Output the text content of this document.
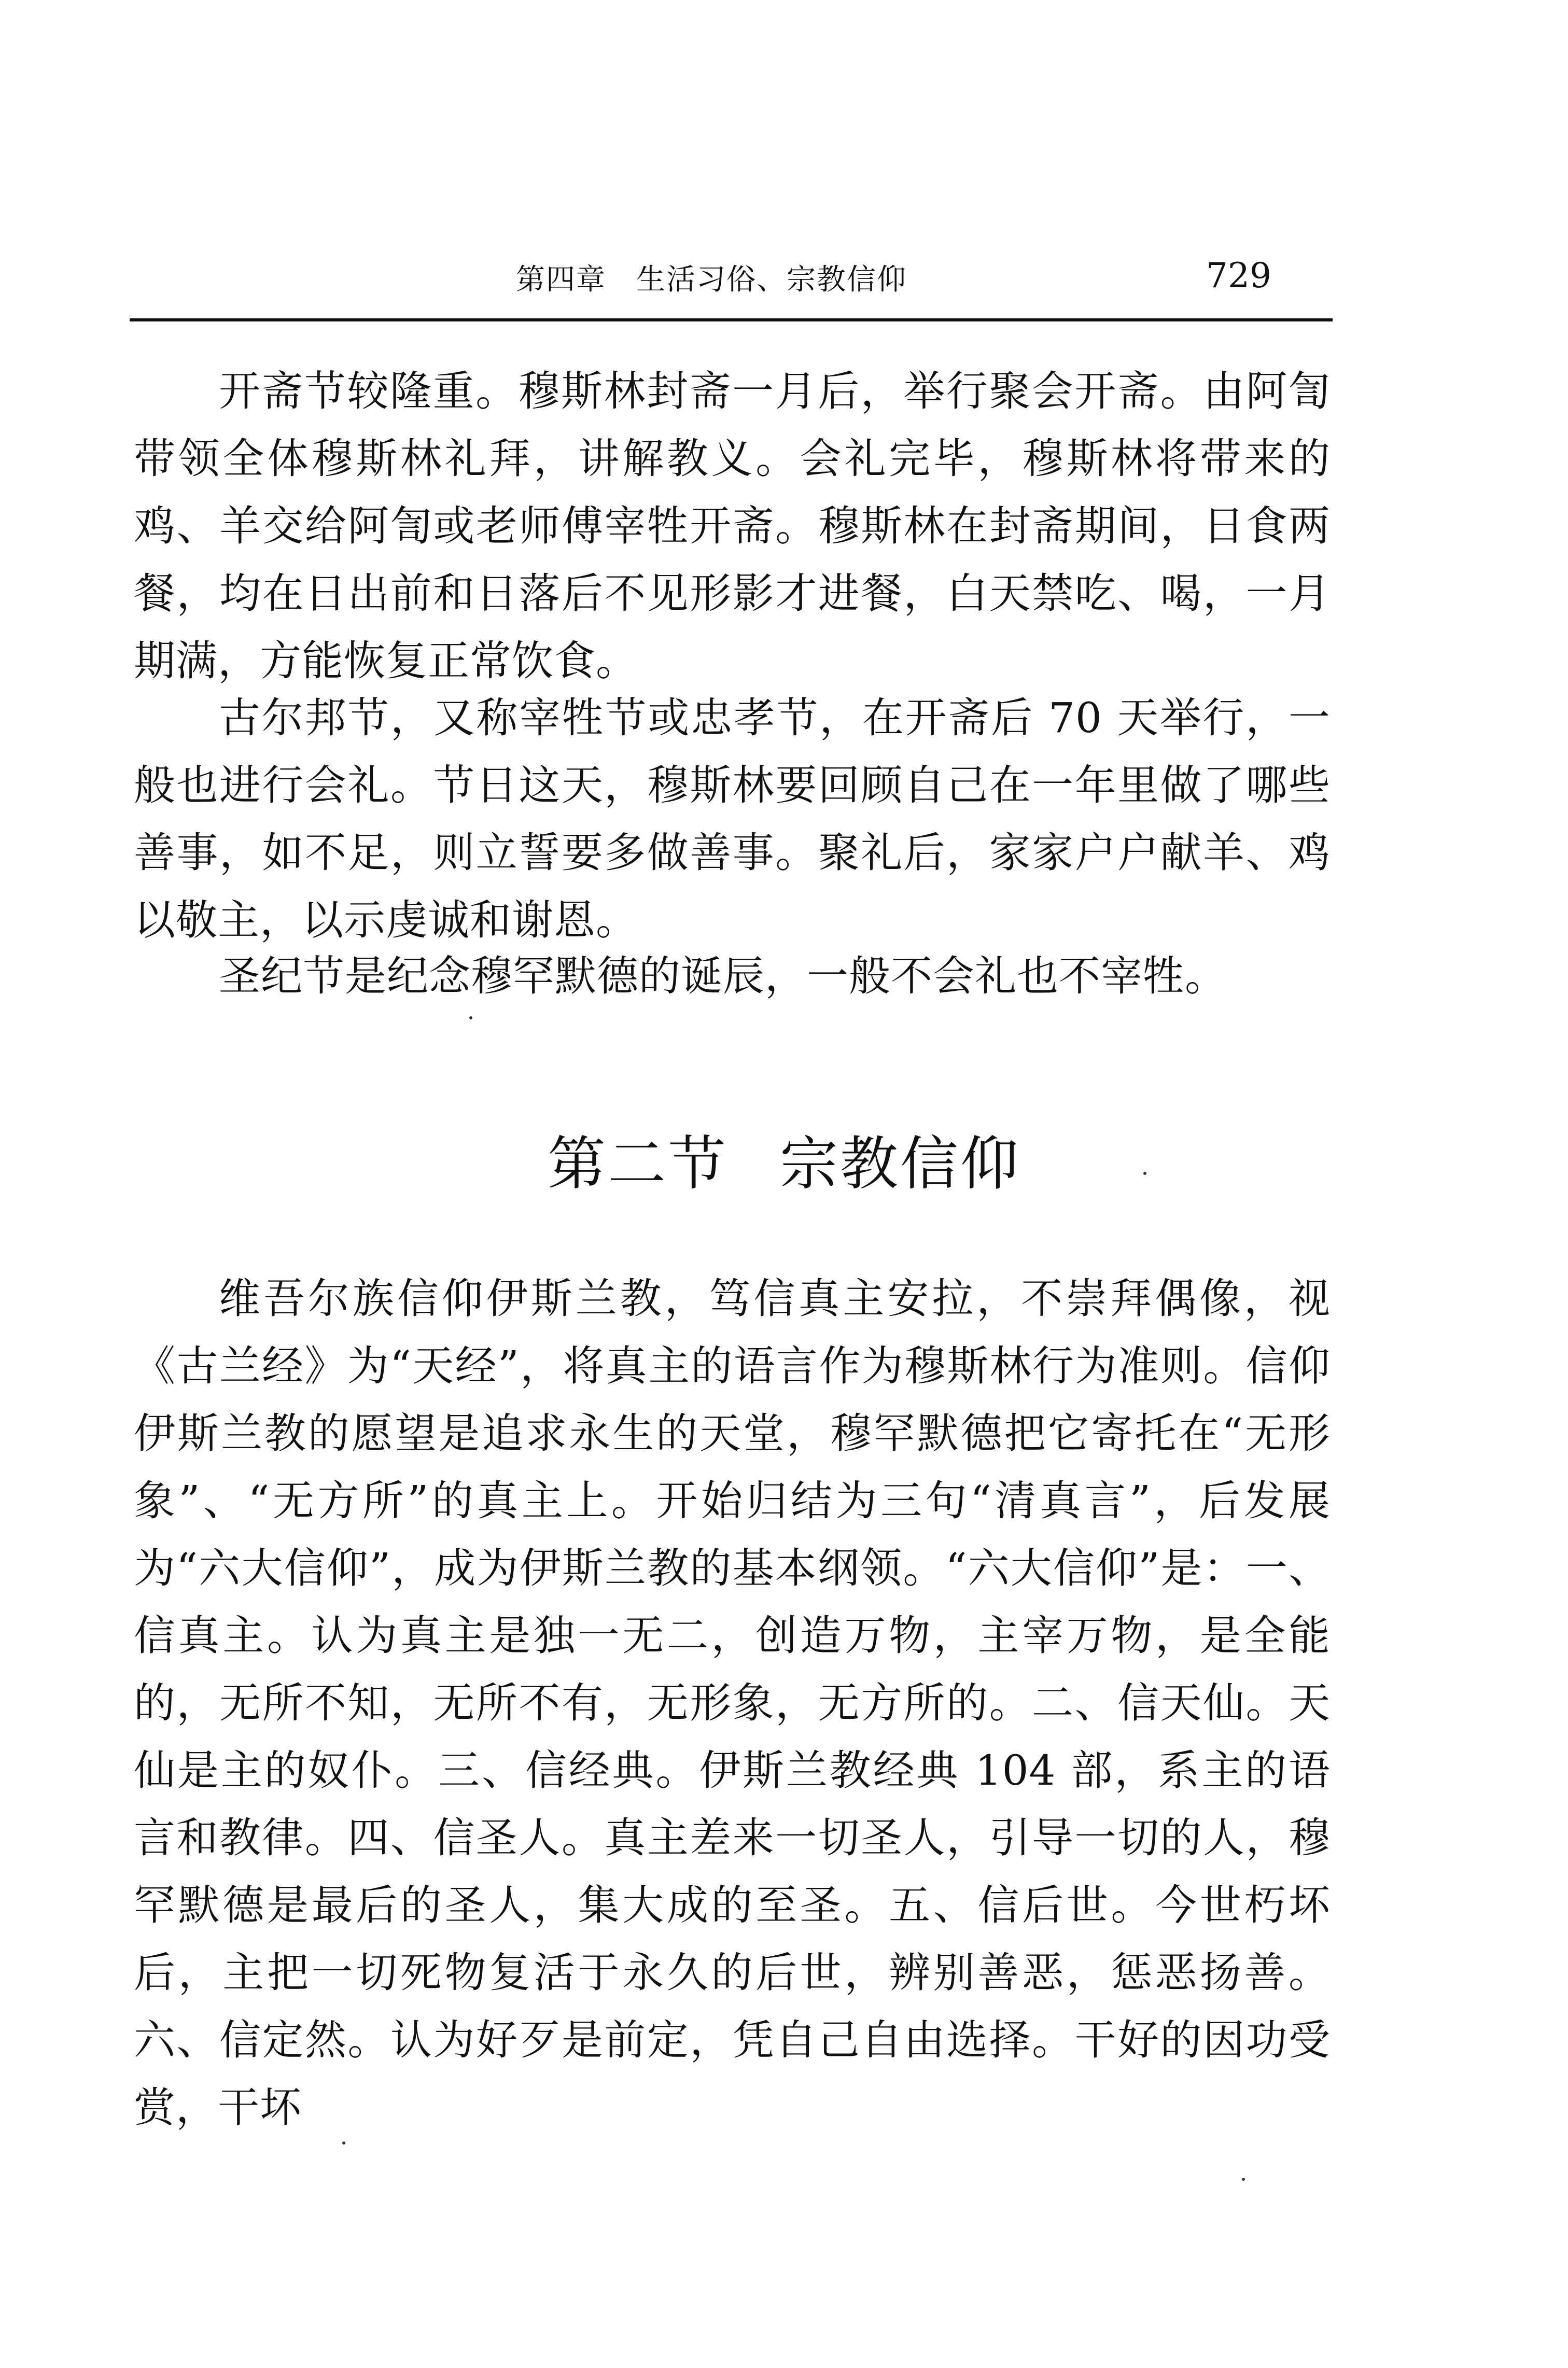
第四章　生活习俗、宗教信仰	729

开斋节较隆重。穆斯林封斋一月后，举行聚会开斋。由阿訇带领全体穆斯林礼拜，讲解教义。会礼完毕，穆斯林将带来的鸡、羊交给阿訇或老师傅宰牲开斋。穆斯林在封斋期间，日食两餐，均在日出前和日落后不见形影才进餐，白天禁吃、喝，一月期满，方能恢复正常饮食。

古尔邦节，又称宰牲节或忠孝节，在开斋后 70 天举行，一般也进行会礼。节日这天，穆斯林要回顾自己在一年里做了哪些善事，如不足，则立誓要多做善事。聚礼后，家家户户献羊、鸡以敬主，以示虔诚和谢恩。

圣纪节是纪念穆罕默德的诞辰，一般不会礼也不宰牲。

第二节 宗教信仰

维吾尔族信仰伊斯兰教，笃信真主安拉，不崇拜偶像，视《古兰经》为“天经”，将真主的语言作为穆斯林行为准则。信仰伊斯兰教的愿望是追求永生的天堂，穆罕默德把它寄托在“无形象”、“无方所”的真主上。开始归结为三句“清真言”，后发展为“六大信仰”，成为伊斯兰教的基本纲领。“六大信仰”是：一、信真主。认为真主是独一无二，创造万物，主宰万物，是全能的，无所不知，无所不有，无形象，无方所的。二、信天仙。天仙是主的奴仆。三、信经典。伊斯兰教经典 104 部，系主的语言和教律。四、信圣人。真主差来一切圣人，引导一切的人，穆罕默德是最后的圣人，集大成的至圣。五、信后世。今世朽坏后，主把一切死物复活于永久的后世，辨别善恶，惩恶扬善。六、信定然。认为好歹是前定，凭自己自由选择。干好的因功受赏，干坏
